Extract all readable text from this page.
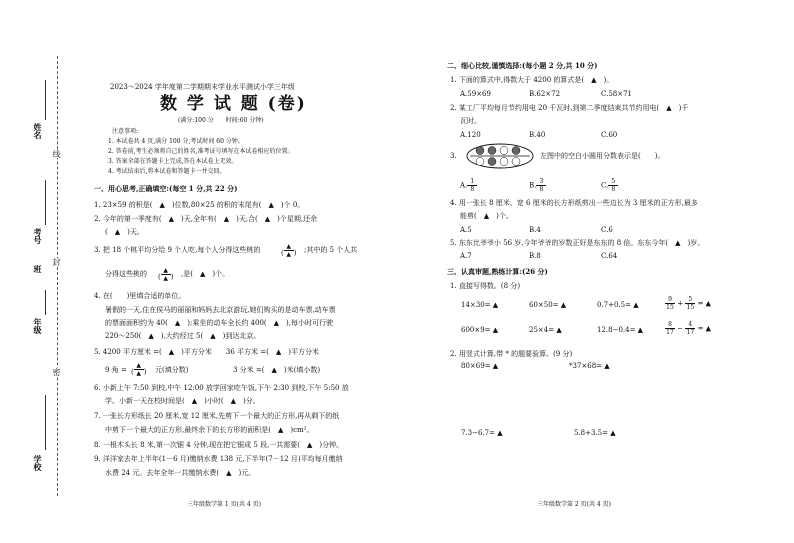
姓名
线
考号
班
封
年级
密
学校
2023～2024 学年度第二学期期末学业水平测试小学三年级
数 学 试 题 (卷)
(满分:100 分　　时间:60 分钟)
注意事项:
1. 本试卷共 4 页,满分 100 分,考试时间 60 分钟。
2. 答卷前,考生必须将自己的姓名,准考证号填写在本试卷相应的位置。
3. 答案全部在答题卡上完成,答在本试卷上无效。
4. 考试结束后,将本试卷和答题卡一并交回。
一、用心思考,正确填空:(每空 1 分,共 22 分)
1. 23×59 的积是(　▲　)位数,80×25 的积的末尾有(　▲　)个 0。
2. 今年的第一季度有(　▲　)天,全年有(　▲　)天,合(　▲　)个星期,还余
(　▲　)天。
3. 把 18 个桃平均分给 9 个人吃,每个人分得这些桃的	( $\frac{▲}{▲}$ ) ;其中的 5 个人共
分得这些桃的 ( $\frac{▲}{▲}$ ) ,是(　▲　)个。
4. 在(　　)里填合适的单位。
暑假的一天,住在侯马的丽丽和妈妈去北京游玩,她们购买的是动车票,动车票
的票面面积约为 40(　▲　);乘坐的动车全长约 400(　▲　),每小时可行驶
220～250(　▲　),大约经过 5(　▲　)到达北京。
5. 4200 平方厘米 =(　▲　)平方分米　　36 平方米 =(　▲　)平方分米
9 角 = ( $\frac{▲}{▲}$ ) 元(填分数)	3 分米 =(　▲　)米(填小数)
6. 小新上午 7:50 到校,中午 12:00 放学回家吃午饭,下午 2:30 到校,下午 5:50 放
学。小新一天在校时间是(　▲　)小时(　▲　)分。
7. 一张长方形纸长 20 厘米,宽 12 厘米,先剪下一个最大的正方形,再从剩下的纸
中剪下一个最大的正方形,最终余下的长方形的面积是(　▲　)cm²。
8. 一根木头长 8 米,第一次锯 4 分钟,现在把它锯成 5 段,一共需要(　▲　)分钟。
9. 洋洋家去年上半年(1－6 月)缴纳水费 138 元,下半年(7－12 月)平均每月缴纳
水费 24 元。去年全年一共缴纳水费(　▲　)元。
三年级数学第 1 页(共 4 页)
二、细心比较,谨慎选择:(每小题 2 分,共 10 分)
1. 下面的算式中,得数大于 4200 的算式是(　▲　)。
A.59×69	B.62×72	C.58×71
2. 某工厂平均每月节约用电 20 千瓦时,到第二季度结束共节约用电(　▲　)千
瓦时。
A.120	B.40	C.60
3.	左图中的空白小圆用分数表示是(　　)。
A. $\frac{1}{8}$	B. $\frac{3}{8}$	C. $\frac{5}{8}$
4. 用一张长 8 厘米、宽 6 厘米的长方形纸剪出一些边长为 3 厘米的正方形,最多
能剪(　▲　)个。
A.5	B.4	C.6
5. 东东比爷爷小 56 岁,今年爷爷的岁数正好是东东的 8 倍。东东今年(　▲　)岁。
A.7	B.8	C.64
三、认真审题,熟练计算:(26 分)
1. 直接写得数。(8 分)
14×30= ▲	60×50= ▲	0.7+0.5= ▲	$\frac{9}{15} + \frac{5}{15}$ = ▲
600×9= ▲	25×4= ▲	12.8−0.4= ▲	$\frac{8}{17} - \frac{4}{17}$ = ▲
2. 用竖式计算,带 * 的题要验算。(9 分)
80×69= ▲	*37×68= ▲
7.3−6.7= ▲	5.8+3.5= ▲
三年级数学第 2 页(共 4 页)
